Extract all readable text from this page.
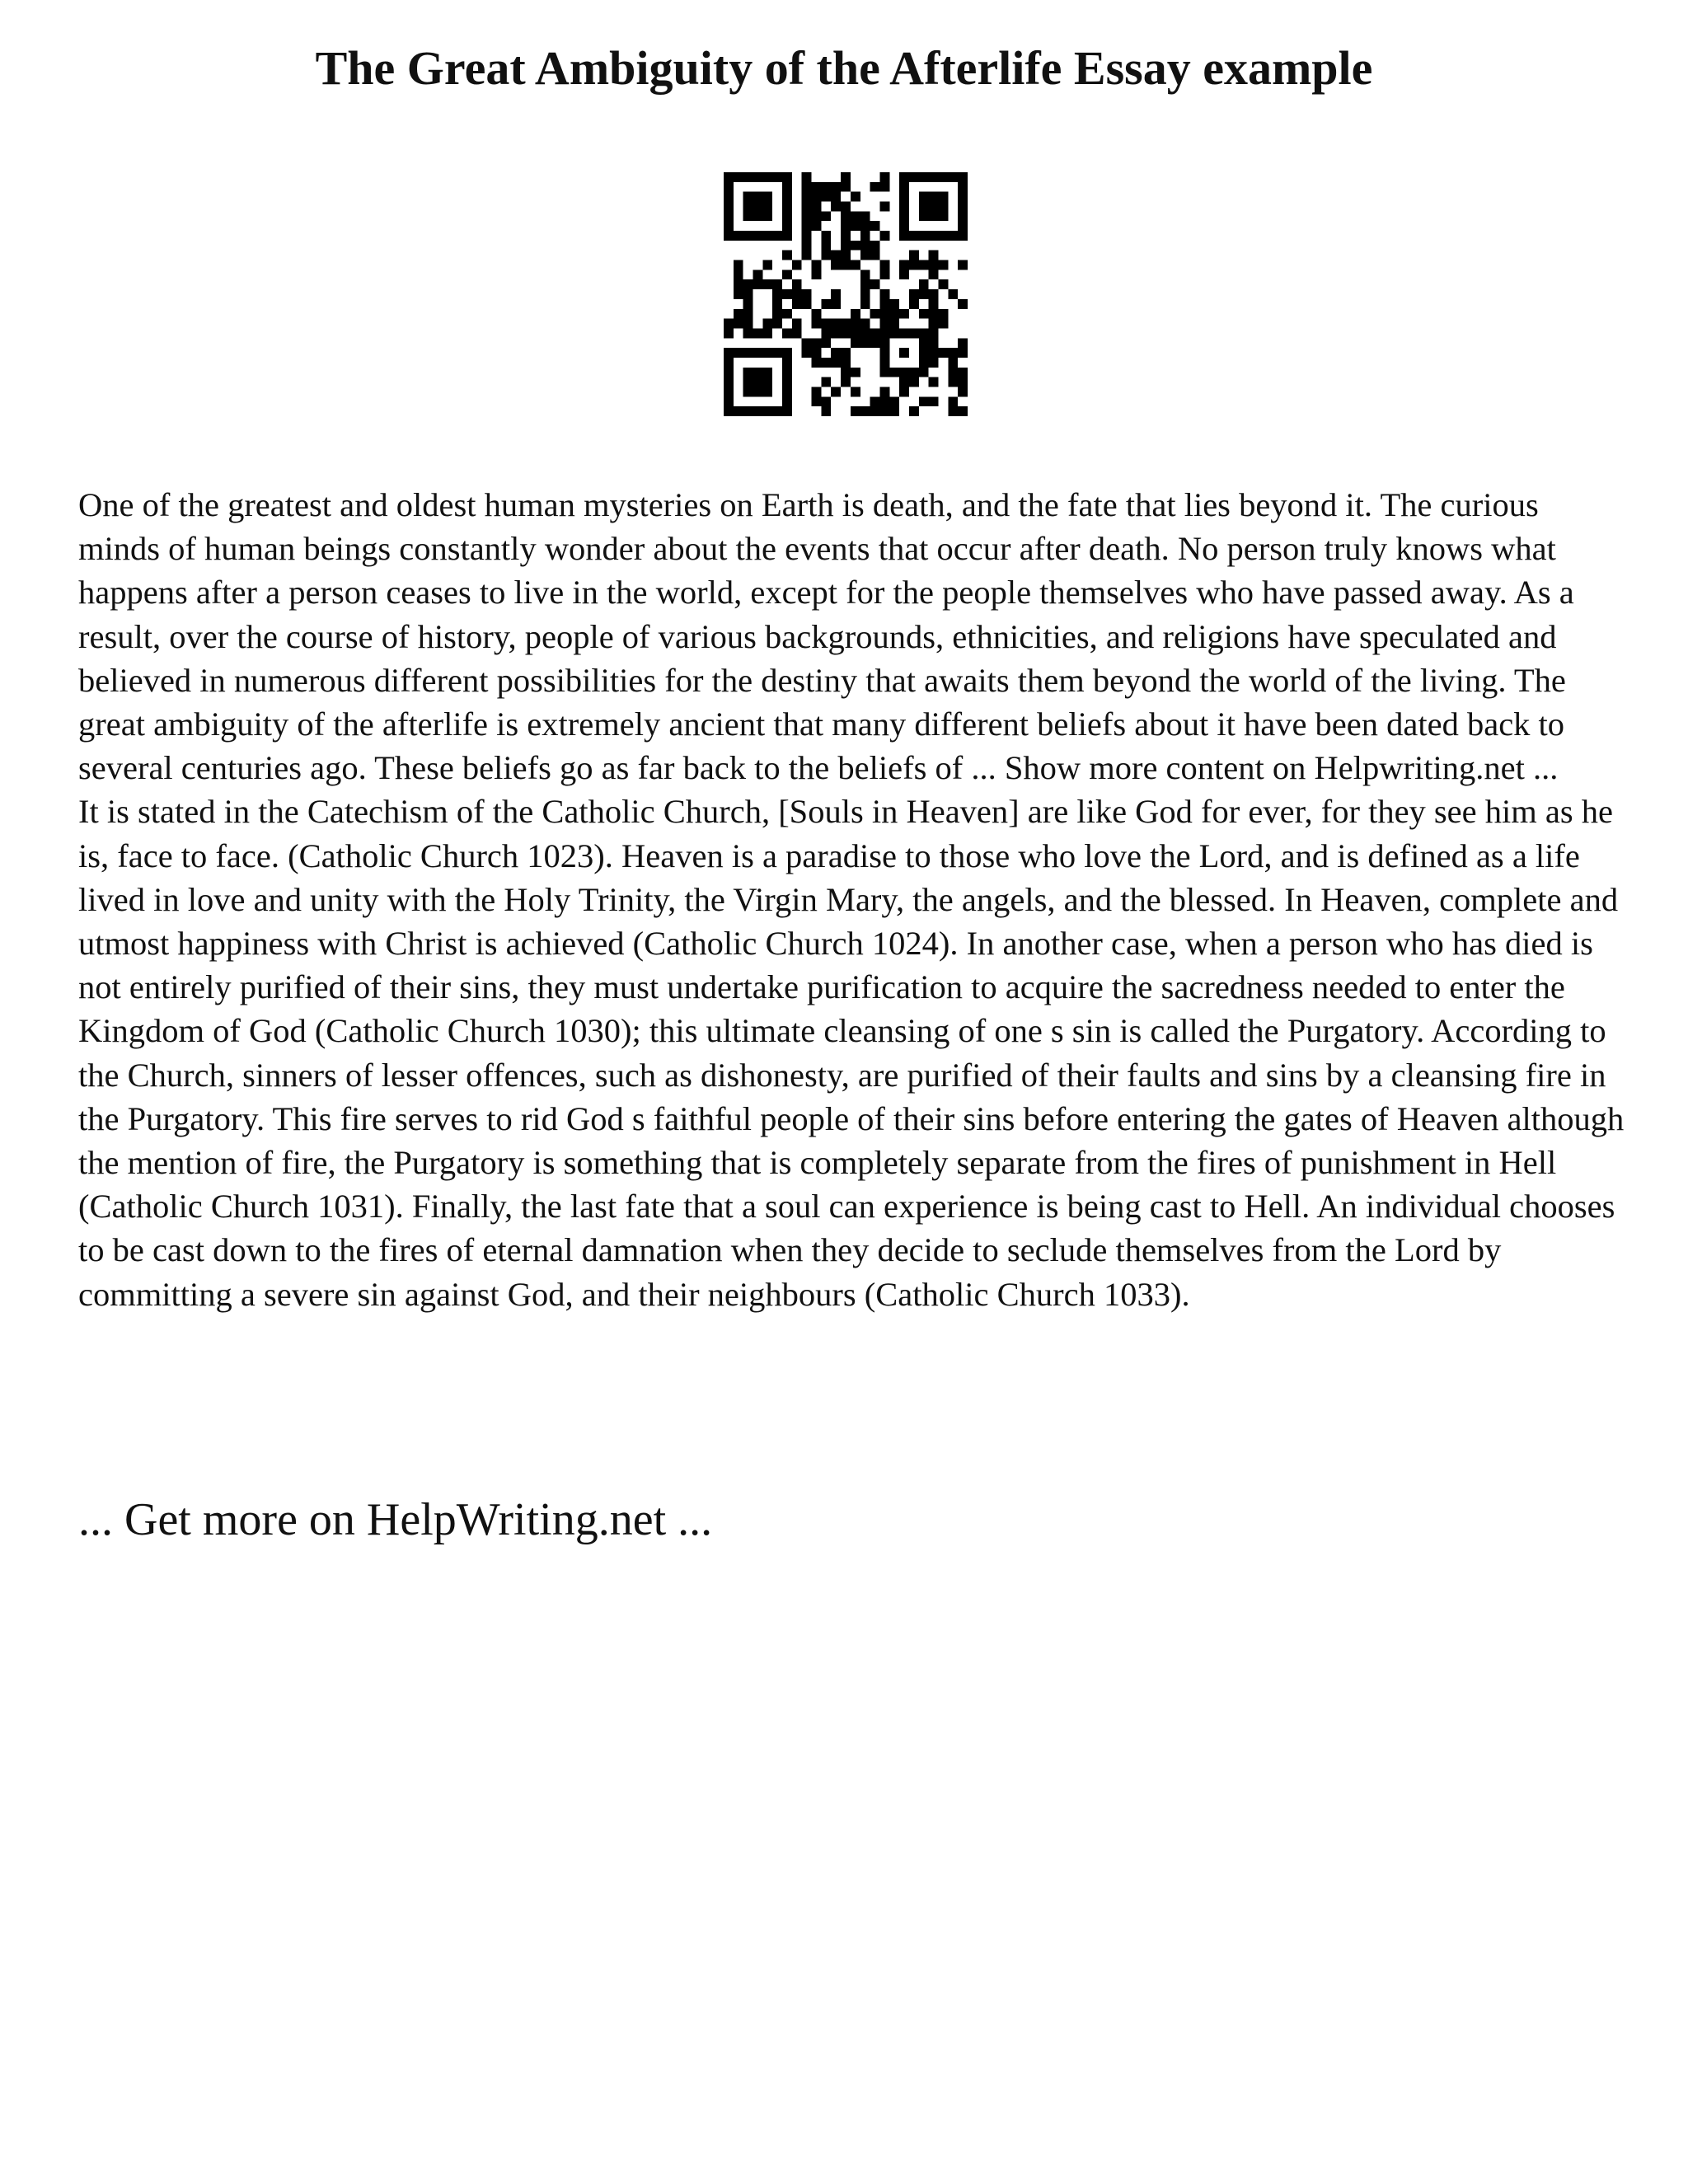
The Great Ambiguity of the Afterlife Essay example

One of the greatest and oldest human mysteries on Earth is death, and the fate that lies beyond it. The curious minds of human beings constantly wonder about the events that occur after death. No person truly knows what happens after a person ceases to live in the world, except for the people themselves who have passed away. As a result, over the course of history, people of various backgrounds, ethnicities, and religions have speculated and believed in numerous different possibilities for the destiny that awaits them beyond the world of the living. The great ambiguity of the afterlife is extremely ancient that many different beliefs about it have been dated back to several centuries ago. These beliefs go as far back to the beliefs of ... Show more content on Helpwriting.net ...

It is stated in the Catechism of the Catholic Church, [Souls in Heaven] are like God for ever, for they see him as he is, face to face. (Catholic Church 1023). Heaven is a paradise to those who love the Lord, and is defined as a life lived in love and unity with the Holy Trinity, the Virgin Mary, the angels, and the blessed. In Heaven, complete and utmost happiness with Christ is achieved (Catholic Church 1024). In another case, when a person who has died is not entirely purified of their sins, they must undertake purification to acquire the sacredness needed to enter the Kingdom of God (Catholic Church 1030); this ultimate cleansing of one s sin is called the Purgatory. According to the Church, sinners of lesser offences, such as dishonesty, are purified of their faults and sins by a cleansing fire in the Purgatory. This fire serves to rid God s faithful people of their sins before entering the gates of Heaven although the mention of fire, the Purgatory is something that is completely separate from the fires of punishment in Hell (Catholic Church 1031). Finally, the last fate that a soul can experience is being cast to Hell. An individual chooses to be cast down to the fires of eternal damnation when they decide to seclude themselves from the Lord by committing a severe sin against God, and their neighbours (Catholic Church 1033).

... Get more on HelpWriting.net ...
